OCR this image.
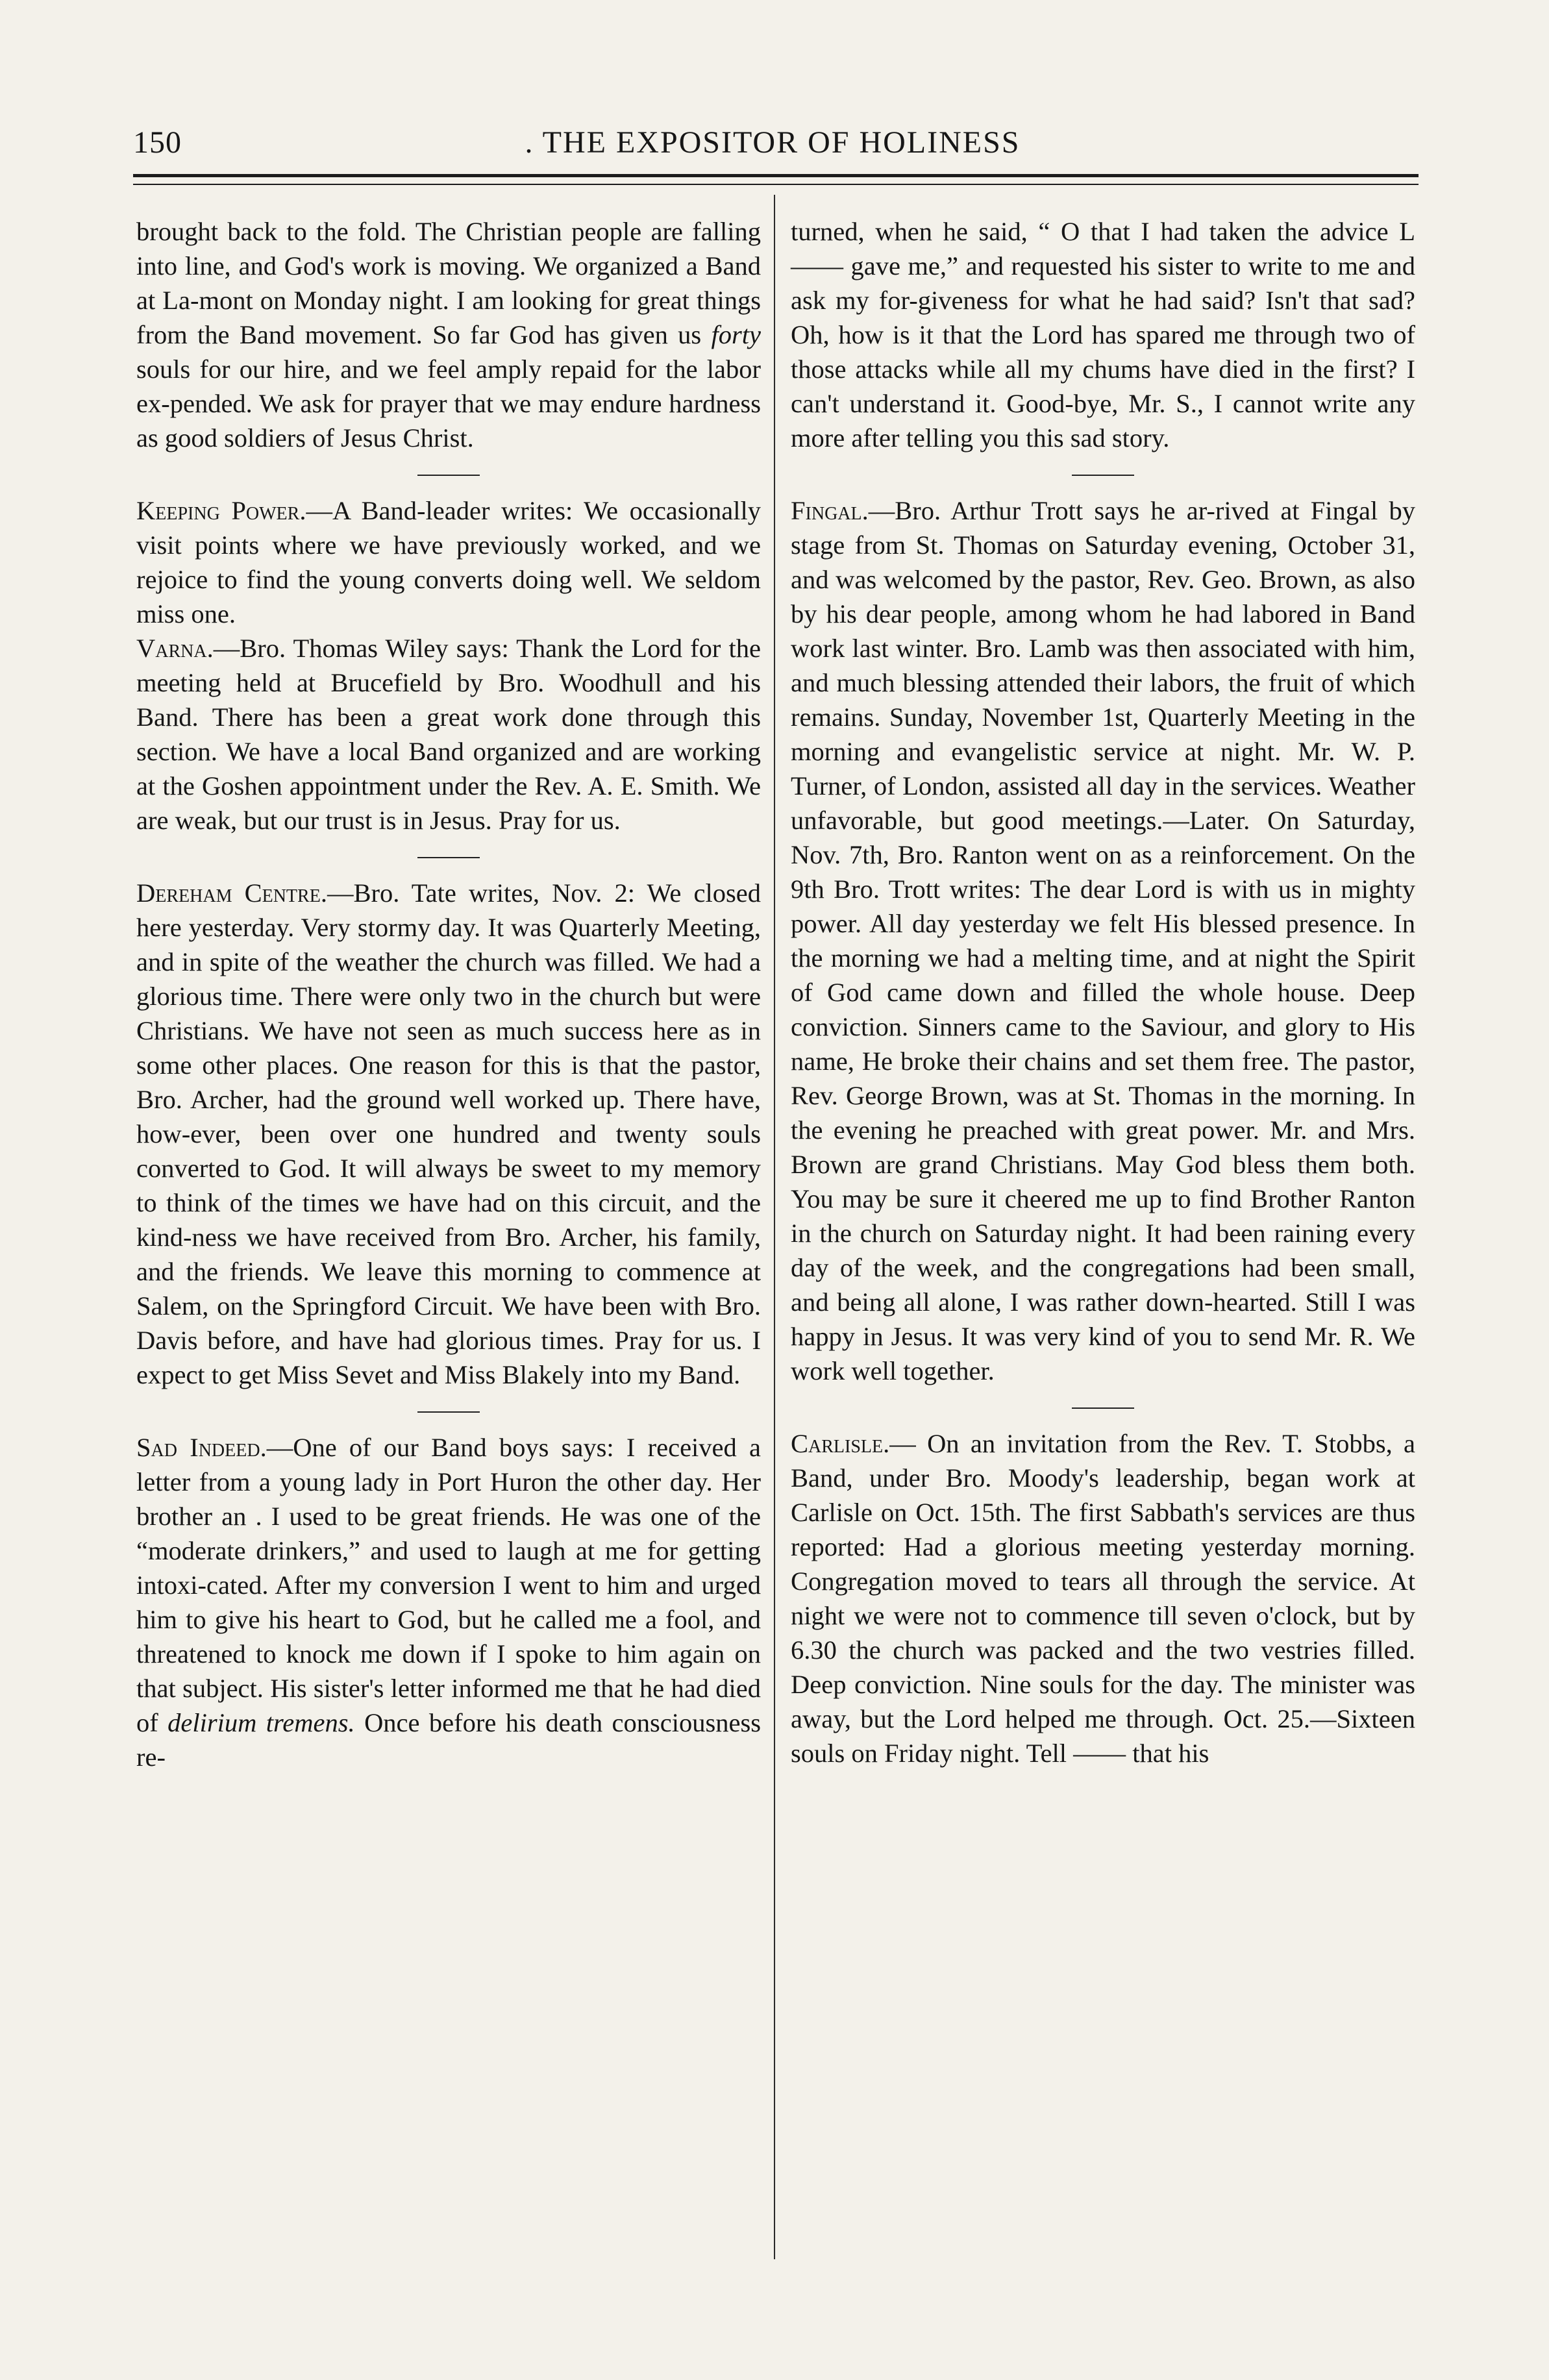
150	. THE EXPOSITOR OF HOLINESS

brought back to the fold. The Christian people are falling into line, and God's work is moving. We organized a Band at La-mont on Monday night. I am looking for great things from the Band movement. So far God has given us forty souls for our hire, and we feel amply repaid for the labor ex-pended. We ask for prayer that we may endure hardness as good soldiers of Jesus Christ.

Keeping Power.—A Band-leader writes: We occasionally visit points where we have previously worked, and we rejoice to find the young converts doing well. We seldom miss one.

Varna.—Bro. Thomas Wiley says: Thank the Lord for the meeting held at Brucefield by Bro. Woodhull and his Band. There has been a great work done through this section. We have a local Band organized and are working at the Goshen appointment under the Rev. A. E. Smith. We are weak, but our trust is in Jesus. Pray for us.

Dereham Centre.—Bro. Tate writes, Nov. 2: We closed here yesterday. Very stormy day. It was Quarterly Meeting, and in spite of the weather the church was filled. We had a glorious time. There were only two in the church but were Christians. We have not seen as much success here as in some other places. One reason for this is that the pastor, Bro. Archer, had the ground well worked up. There have, how-ever, been over one hundred and twenty souls converted to God. It will always be sweet to my memory to think of the times we have had on this circuit, and the kind-ness we have received from Bro. Archer, his family, and the friends. We leave this morning to commence at Salem, on the Springford Circuit. We have been with Bro. Davis before, and have had glorious times. Pray for us. I expect to get Miss Sevet and Miss Blakely into my Band.

Sad Indeed.—One of our Band boys says: I received a letter from a young lady in Port Huron the other day. Her brother an . I used to be great friends. He was one of the “moderate drinkers,” and used to laugh at me for getting intoxi-cated. After my conversion I went to him and urged him to give his heart to God, but he called me a fool, and threatened to knock me down if I spoke to him again on that subject. His sister's letter informed me that he had died of delirium tremens. Once before his death consciousness re-

turned, when he said, “ O that I had taken the advice L—— gave me,” and requested his sister to write to me and ask my for-giveness for what he had said? Isn't that sad? Oh, how is it that the Lord has spared me through two of those attacks while all my chums have died in the first? I can't understand it. Good-bye, Mr. S., I cannot write any more after telling you this sad story.

Fingal.—Bro. Arthur Trott says he ar-rived at Fingal by stage from St. Thomas on Saturday evening, October 31, and was welcomed by the pastor, Rev. Geo. Brown, as also by his dear people, among whom he had labored in Band work last winter. Bro. Lamb was then associated with him, and much blessing attended their labors, the fruit of which remains. Sunday, November 1st, Quarterly Meeting in the morning and evangelistic service at night. Mr. W. P. Turner, of London, assisted all day in the services. Weather unfavorable, but good meetings.—Later. On Saturday, Nov. 7th, Bro. Ranton went on as a reinforcement. On the 9th Bro. Trott writes: The dear Lord is with us in mighty power. All day yesterday we felt His blessed presence. In the morning we had a melting time, and at night the Spirit of God came down and filled the whole house. Deep conviction. Sinners came to the Saviour, and glory to His name, He broke their chains and set them free. The pastor, Rev. George Brown, was at St. Thomas in the morning. In the evening he preached with great power. Mr. and Mrs. Brown are grand Christians. May God bless them both. You may be sure it cheered me up to find Brother Ranton in the church on Saturday night. It had been raining every day of the week, and the congregations had been small, and being all alone, I was rather down-hearted. Still I was happy in Jesus. It was very kind of you to send Mr. R. We work well together.

Carlisle.— On an invitation from the Rev. T. Stobbs, a Band, under Bro. Moody's leadership, began work at Carlisle on Oct. 15th. The first Sabbath's services are thus reported: Had a glorious meeting yesterday morning. Congregation moved to tears all through the service. At night we were not to commence till seven o'clock, but by 6.30 the church was packed and the two vestries filled. Deep conviction. Nine souls for the day. The minister was away, but the Lord helped me through. Oct. 25.—Sixteen souls on Friday night. Tell —— that his
